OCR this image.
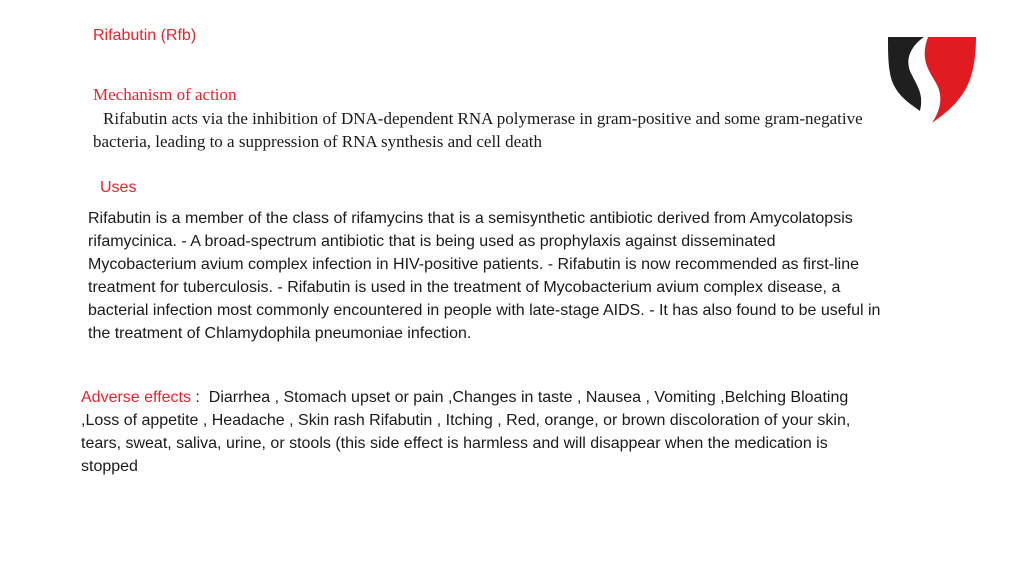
Rifabutin (Rfb)
Mechanism of action
Rifabutin acts via the inhibition of DNA-dependent RNA polymerase in gram-positive and some gram-negative bacteria, leading to a suppression of RNA synthesis and cell death
Uses
Rifabutin is a member of the class of rifamycins that is a semisynthetic antibiotic derived from Amycolatopsis rifamycinica. - A broad-spectrum antibiotic that is being used as prophylaxis against disseminated Mycobacterium avium complex infection in HIV-positive patients. - Rifabutin is now recommended as first-line treatment for tuberculosis. - Rifabutin is used in the treatment of Mycobacterium avium complex disease, a bacterial infection most commonly encountered in people with late-stage AIDS. - It has also found to be useful in the treatment of Chlamydophila pneumoniae infection.
Adverse effects :  Diarrhea , Stomach upset or pain ,Changes in taste , Nausea , Vomiting ,Belching Bloating ,Loss of appetite , Headache , Skin rash Rifabutin , Itching , Red, orange, or brown discoloration of your skin, tears, sweat, saliva, urine, or stools (this side effect is harmless and will disappear when the medication is stopped
